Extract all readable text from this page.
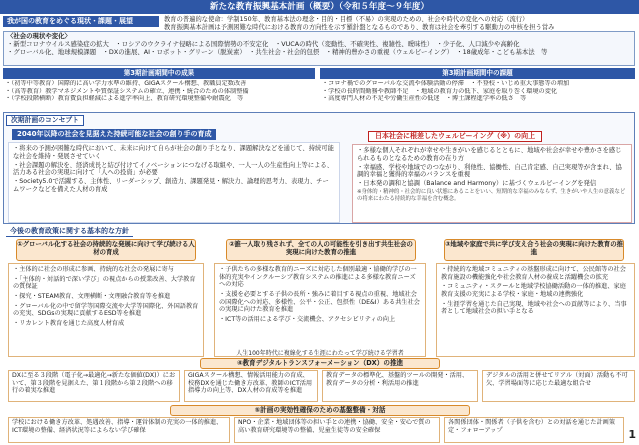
新たな教育振興基本計画（概要）（令和５年度～９年度）
我が国の教育をめぐる現状・課題・展望	教育の普遍的な使命：学制150年、教育基本法の理念・目的・目標（不易）の実現のための、社会や時代の変化への対応（流行）
教育振興基本計画は予測困難な時代における教育の方向性を示す羅針盤となるものであり、教育は社会を牽引する駆動力の中核を担う営み
〈社会の現状や変化〉
・新型コロナウイルス感染症の拡大　・ロシアのウクライナ侵略による国際情勢の不安定化　・VUCAの時代（変動性、不確実性、複雑性、曖昧性）　・少子化、人口減少や高齢化
・グローバル化、地球規模課題　・DXの進展、AI・ロボット・グリーン（脱炭素）　・共生社会・社会的包摂　・精神的豊かさの重視（ウェルビーイング）　・18歳成年・こども基本法　等
第3期計画期間中の成果	第3期計画期間中の課題
・（初等中等教育）国際的に高い学力水準の維持、GIGAスクール構想、教職員定数改善
・（高等教育）教学マネジメントや質保証システムの確立、連携・統合のための体制整備
・（学校段階横断）教育費負担軽減による進学率向上、教育研究環境整備や耐震化　等
・コロナ禍でのグローバルな交流や体験活動の停滞　・不登校・いじめ重大事態等の増加
・学校の長時間勤務や教師不足　・地域の教育力の低下、家庭を取り巻く環境の変化
・高度専門人材の不足や労働生産性の低迷　・博士課程進学率の低さ　等
次期計画のコンセプト
2040年以降の社会を見据えた持続可能な社会の創り手の育成
・将来の予測が困難な時代において、未来に向けて自らが社会の創り手となり、課題解決などを通じて、持続可能な社会を維持・発展させていく
・社会課題の解決を、経済成長と結び付けてイノベーションにつなげる取組や、一人一人の生産性向上等による、活力ある社会の実現に向けて「人への投資」が必要
・Society5.0で活躍する、主体性、リーダーシップ、創造力、課題発見・解決力、論理的思考力、表現力、チームワークなどを備えた人材の育成
日本社会に根差したウェルビーイング（※）の向上
・多様な個人それぞれが幸せや生きがいを感じるとともに、地域や社会が幸せや豊かさを感じられるものとなるための教育の在り方
・幸福感、学校や地域でのつながり、利他性、協働性、自己肯定感、自己実現等が含まれ、協調的幸福と獲得的幸福のバランスを重視
・日本発の調和と協調（Balance and Harmony）に基づくウェルビーイングを発信
※身体的・精神的・社会的に良い状態にあることをいい、短期的な幸福のみならず、生きがいや人生の意義などの将来にわたる持続的な幸福を含む概念。
今後の教育政策に関する基本的な方針
①グローバル化する社会の持続的な発展に向けて学び続ける人材の育成
・主体的に社会の形成に参画、持続的な社会の発展に寄与
・「主体的・対話的で深い学び」の視点からの授業改善、大学教育の質保証
・探究・STEAM教育、文理横断・文理融合教育等を推進
・グローバル化の中で留学等国際交流や大学等国際化、外国語教育の充実、SDGsの実現に貢献するESD等を推進
・リカレント教育を通じた高度人材育成
②誰一人取り残されず、全ての人の可能性を引き出す共生社会の実現に向けた教育の推進
・子供たちの多様な教育的ニーズに対応した個別最適・協働的学びの一体的充実やインクルーシブ教育システムの推進による多様な教育ニーズへの対応
・支援を必要とする子供の長所・強みに着目する視点の重視、地域社会の国際化への対応、多様性、公平・公正、包摂性（DE&I）ある共生社会の実現に向けた教育を推進
・ICT等の活用による学び・交流機会、アクセシビリティの向上
人生100年時代に複線化する生涯にわたって学び続ける学習者
③地域や家庭で共に学び支え合う社会の実現に向けた教育の推進
・持続的な地域コミュニティの基盤形成に向けて、公民館等の社会教育施設の機能強化や社会教育人材の養成と活躍機会の拡充
・コミュニティ・スクールと地域学校協働活動の一体的推進、家庭教育支援の充実による学校・家庭・地域の連携強化
・生涯学習を通じた自己実現、地域や社会への貢献等により、当事者として地域社会の担い手となる
④教育デジタルトランスフォーメーション（DX）の推進
DXに至る３段階（電子化→最適化→新たな価値(DX)）において、第３段階を見据えた、第１段階から第２段階への移行の着実な推進
GIGAスクール構想、情報活用能力の育成、校務DXを通じた働き方改革、教師のICT活用指導力の向上等、DX人材の育成等を推進
教育データの標準化、基盤的ツールの開発・活用、教育データの分析・利活用の推進
デジタルの活用と併せてリアル（対面）活動も不可欠、学習場面等に応じた最適な組合せ
⑤計画の実効性確保のための基盤整備・対話
学校における働き方改革、処遇改善、指導・運営体制の充実の一体的推進、ICT環境の整備、経済状況等によらない学び確保
NPO・企業・地域団体等の担い手との連携・協働、安全・安心で質の高い教育研究環境等の整備、児童生徒等の安全確保
各関係団体・関係者（子供を含む）との対話を通じた計画策定・フォローアップ	1
